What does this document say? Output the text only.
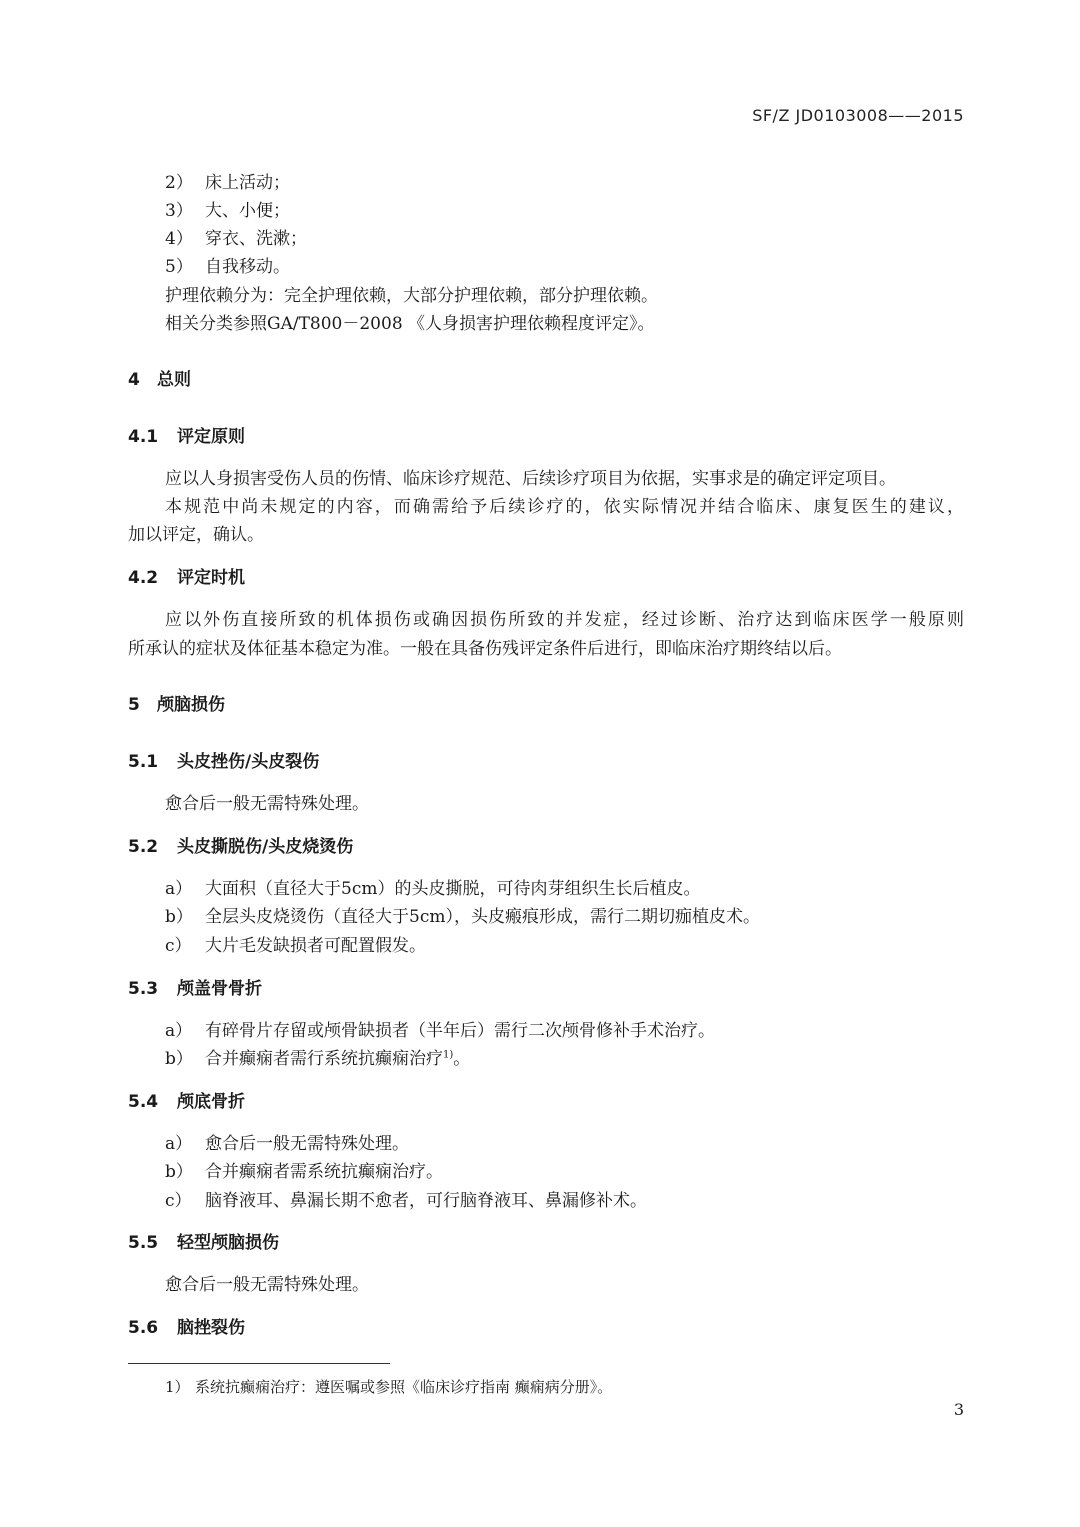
SF/Z JD0103008——2015
2） 床上活动；
3） 大、小便；
4） 穿衣、洗漱；
5） 自我移动。
护理依赖分为：完全护理依赖，大部分护理依赖，部分护理依赖。
相关分类参照GA/T800－2008 《人身损害护理依赖程度评定》。
4 总则
4.1 评定原则
应以人身损害受伤人员的伤情、临床诊疗规范、后续诊疗项目为依据，实事求是的确定评定项目。
本规范中尚未规定的内容，而确需给予后续诊疗的，依实际情况并结合临床、康复医生的建议，
加以评定，确认。
4.2 评定时机
应以外伤直接所致的机体损伤或确因损伤所致的并发症，经过诊断、治疗达到临床医学一般原则
所承认的症状及体征基本稳定为准。一般在具备伤残评定条件后进行，即临床治疗期终结以后。
5 颅脑损伤
5.1 头皮挫伤/头皮裂伤
愈合后一般无需特殊处理。
5.2 头皮撕脱伤/头皮烧烫伤
a） 大面积（直径大于5cm）的头皮撕脱，可待肉芽组织生长后植皮。
b） 全层头皮烧烫伤（直径大于5cm），头皮瘢痕形成，需行二期切痂植皮术。
c） 大片毛发缺损者可配置假发。
5.3 颅盖骨骨折
a） 有碎骨片存留或颅骨缺损者（半年后）需行二次颅骨修补手术治疗。
b） 合并癫痫者需行系统抗癫痫治疗$^{1)}$。
5.4 颅底骨折
a） 愈合后一般无需特殊处理。
b） 合并癫痫者需系统抗癫痫治疗。
c） 脑脊液耳、鼻漏长期不愈者，可行脑脊液耳、鼻漏修补术。
5.5 轻型颅脑损伤
愈合后一般无需特殊处理。
5.6 脑挫裂伤
1） 系统抗癫痫治疗：遵医嘱或参照《临床诊疗指南 癫痫病分册》。
3
